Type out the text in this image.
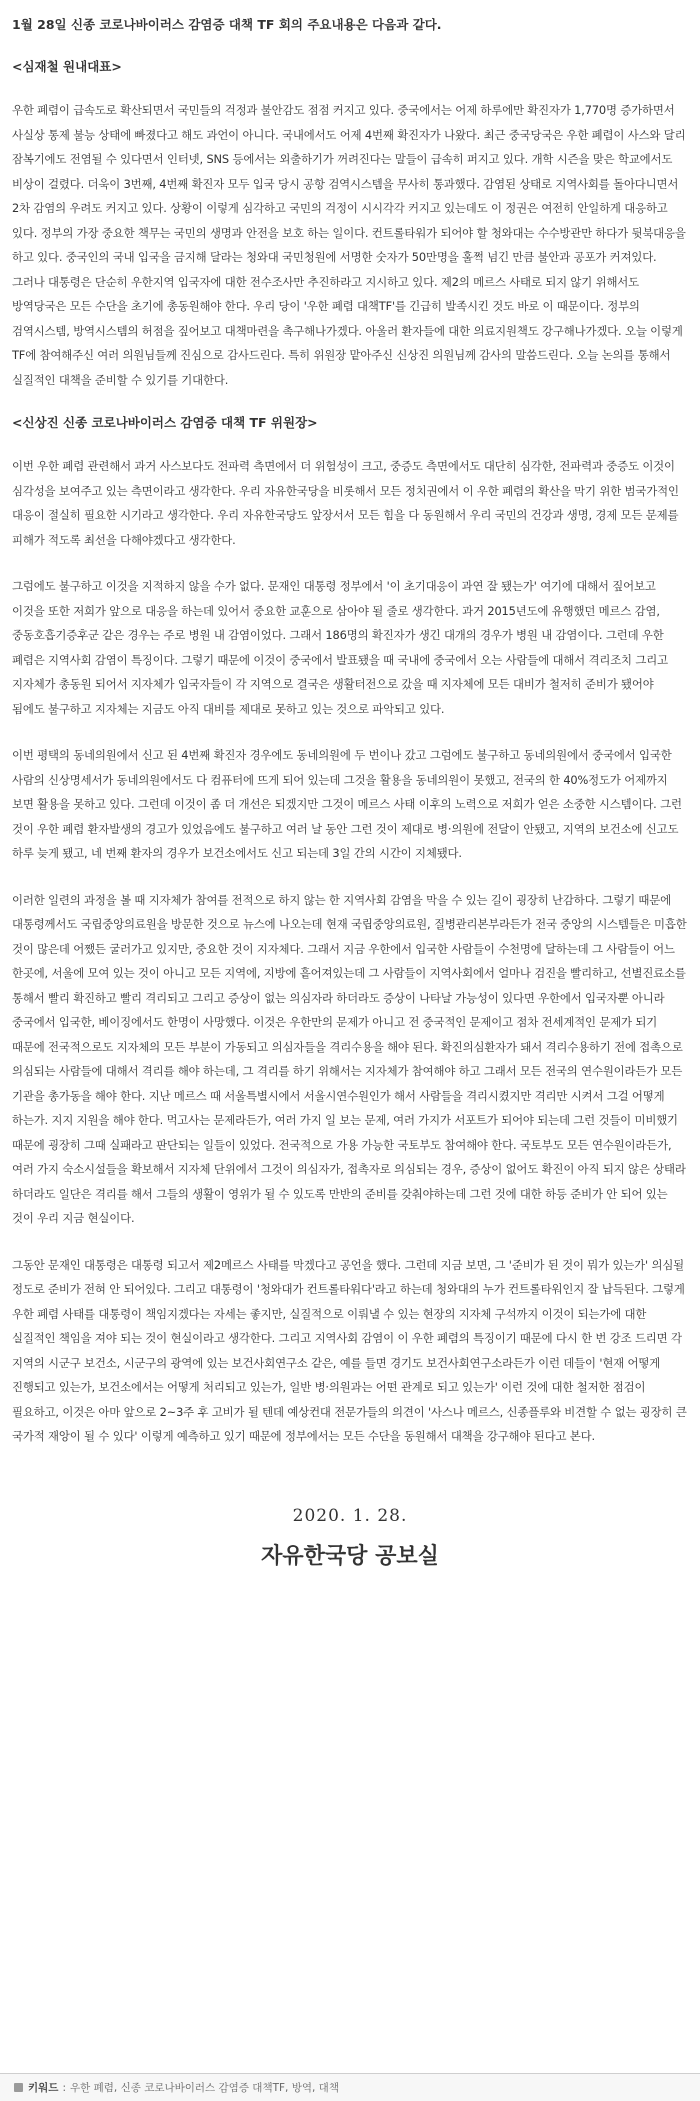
1월 28일 신종 코로나바이러스 감염증 대책 TF 회의 주요내용은 다음과 같다.

<심재철 원내대표>

우한 폐렴이 급속도로 확산되면서 국민들의 걱정과 불안감도 점점 커지고 있다. 중국에서는 어제 하루에만 확진자가 1,770명 증가하면서 사실상 통제 불능 상태에 빠졌다고 해도 과언이 아니다. 국내에서도 어제 4번째 확진자가 나왔다. 최근 중국당국은 우한 폐렴이 사스와 달리 잠복기에도 전염될 수 있다면서 인터넷, SNS 등에서는 외출하기가 꺼려진다는 말들이 급속히 퍼지고 있다. 개학 시즌을 맞은 학교에서도 비상이 걸렸다. 더욱이 3번째, 4번째 확진자 모두 입국 당시 공항 검역시스템을 무사히 통과했다. 감염된 상태로 지역사회를 돌아다니면서 2차 감염의 우려도 커지고 있다. 상황이 이렇게 심각하고 국민의 걱정이 시시각각 커지고 있는데도 이 정권은 여전히 안일하게 대응하고 있다. 정부의 가장 중요한 책무는 국민의 생명과 안전을 보호 하는 일이다. 컨트롤타워가 되어야 할 청와대는 수수방관만 하다가 뒷북대응을 하고 있다. 중국인의 국내 입국을 금지해 달라는 청와대 국민청원에 서명한 숫자가 50만명을 훌쩍 넘긴 만큼 불안과 공포가 커져있다. 그러나 대통령은 단순히 우한지역 입국자에 대한 전수조사만 추진하라고 지시하고 있다. 제2의 메르스 사태로 되지 않기 위해서도 방역당국은 모든 수단을 초기에 총동원해야 한다. 우리 당이 '우한 폐렴 대책TF'를 긴급히 발족시킨 것도 바로 이 때문이다. 정부의 검역시스템, 방역시스템의 허점을 짚어보고 대책마련을 촉구해나가겠다. 아울러 환자들에 대한 의료지원책도 강구해나가겠다. 오늘 이렇게 TF에 참여해주신 여러 의원님들께 진심으로 감사드린다. 특히 위원장 맡아주신 신상진 의원님께 감사의 말씀드린다. 오늘 논의를 통해서 실질적인 대책을 준비할 수 있기를 기대한다.

<신상진 신종 코로나바이러스 감염증 대책 TF 위원장>

이번 우한 폐렴 관련해서 과거 사스보다도 전파력 측면에서 더 위험성이 크고, 중증도 측면에서도 대단히 심각한, 전파력과 중증도 이것이 심각성을 보여주고 있는 측면이라고 생각한다. 우리 자유한국당을 비롯해서 모든 정치권에서 이 우한 폐렴의 확산을 막기 위한 범국가적인 대응이 절실히 필요한 시기라고 생각한다. 우리 자유한국당도 앞장서서 모든 힘을 다 동원해서 우리 국민의 건강과 생명, 경제 모든 문제를 피해가 적도록 최선을 다해야겠다고 생각한다.

그럼에도 불구하고 이것을 지적하지 않을 수가 없다. 문재인 대통령 정부에서 '이 초기대응이 과연 잘 됐는가' 여기에 대해서 짚어보고 이것을 또한 저희가 앞으로 대응을 하는데 있어서 중요한 교훈으로 삼아야 될 줄로 생각한다. 과거 2015년도에 유행했던 메르스 감염, 중동호흡기증후군 같은 경우는 주로 병원 내 감염이었다. 그래서 186명의 확진자가 생긴 대개의 경우가 병원 내 감염이다. 그런데 우한 폐렴은 지역사회 감염이 특징이다. 그렇기 때문에 이것이 중국에서 발표됐을 때 국내에 중국에서 오는 사람들에 대해서 격리조치 그리고 지자체가 총동원 되어서 지자체가 입국자들이 각 지역으로 결국은 생활터전으로 갔을 때 지자체에 모든 대비가 철저히 준비가 됐어야 됨에도 불구하고 지자체는 지금도 아직 대비를 제대로 못하고 있는 것으로 파악되고 있다.

이번 평택의 동네의원에서 신고 된 4번째 확진자 경우에도 동네의원에 두 번이나 갔고 그럼에도 불구하고 동네의원에서 중국에서 입국한 사람의 신상명세서가 동네의원에서도 다 컴퓨터에 뜨게 되어 있는데 그것을 활용을 동네의원이 못했고, 전국의 한 40%정도가 어제까지 보면 활용을 못하고 있다. 그런데 이것이 좀 더 개선은 되겠지만 그것이 메르스 사태 이후의 노력으로 저희가 얻은 소중한 시스템이다. 그런 것이 우한 폐렴 환자발생의 경고가 있었음에도 불구하고 여러 날 동안 그런 것이 제대로 병·의원에 전달이 안됐고, 지역의 보건소에 신고도 하루 늦게 됐고, 네 번째 환자의 경우가 보건소에서도 신고 되는데 3일 간의 시간이 지체됐다.

이러한 일련의 과정을 볼 때 지자체가 참여를 전적으로 하지 않는 한 지역사회 감염을 막을 수 있는 길이 굉장히 난감하다. 그렇기 때문에 대통령께서도 국립중앙의료원을 방문한 것으로 뉴스에 나오는데 현재 국립중앙의료원, 질병관리본부라든가 전국 중앙의 시스템들은 미흡한 것이 많은데 어쨌든 굴러가고 있지만, 중요한 것이 지자체다. 그래서 지금 우한에서 입국한 사람들이 수천명에 달하는데 그 사람들이 어느 한곳에, 서울에 모여 있는 것이 아니고 모든 지역에, 지방에 흩어져있는데 그 사람들이 지역사회에서 얼마나 검진을 빨리하고, 선별진료소를 통해서 빨리 확진하고 빨리 격리되고 그리고 증상이 없는 의심자라 하더라도 증상이 나타날 가능성이 있다면 우한에서 입국자뿐 아니라 중국에서 입국한, 베이징에서도 한명이 사망했다. 이것은 우한만의 문제가 아니고 전 중국적인 문제이고 점차 전세계적인 문제가 되기 때문에 전국적으로도 지자체의 모든 부분이 가동되고 의심자들을 격리수용을 해야 된다. 확진의심환자가 돼서 격리수용하기 전에 접촉으로 의심되는 사람들에 대해서 격리를 해야 하는데, 그 격리를 하기 위해서는 지자체가 참여해야 하고 그래서 모든 전국의 연수원이라든가 모든 기관을 총가동을 해야 한다. 지난 메르스 때 서울특별시에서 서울시연수원인가 해서 사람들을 격리시켰지만 격리만 시켜서 그걸 어떻게 하는가. 지지 지원을 해야 한다. 먹고사는 문제라든가, 여러 가지 일 보는 문제, 여러 가지가 서포트가 되어야 되는데 그런 것들이 미비했기 때문에 굉장히 그때 실패라고 판단되는 일들이 있었다. 전국적으로 가용 가능한 국토부도 참여해야 한다. 국토부도 모든 연수원이라든가, 여러 가지 숙소시설들을 확보해서 지자체 단위에서 그것이 의심자가, 접촉자로 의심되는 경우, 증상이 없어도 확진이 아직 되지 않은 상태라 하더라도 일단은 격리를 해서 그들의 생활이 영위가 될 수 있도록 만반의 준비를 갖춰야하는데 그런 것에 대한 하등 준비가 안 되어 있는 것이 우리 지금 현실이다.

그동안 문재인 대통령은 대통령 되고서 제2메르스 사태를 막겠다고 공언을 했다. 그런데 지금 보면, 그 '준비가 된 것이 뭐가 있는가' 의심될 정도로 준비가 전혀 안 되어있다. 그리고 대통령이 '청와대가 컨트롤타워다'라고 하는데 청와대의 누가 컨트롤타워인지 잘 납득된다. 그렇게 우한 폐렴 사태를 대통령이 책임지겠다는 자세는 좋지만, 실질적으로 이뤄낼 수 있는 현장의 지자체 구석까지 이것이 되는가에 대한 실질적인 책임을 져야 되는 것이 현실이라고 생각한다. 그리고 지역사회 감염이 이 우한 폐렴의 특징이기 때문에 다시 한 번 강조 드리면 각 지역의 시군구 보건소, 시군구의 광역에 있는 보건사회연구소 같은, 예를 들면 경기도 보건사회연구소라든가 이런 데들이 '현재 어떻게 진행되고 있는가, 보건소에서는 어떻게 처리되고 있는가, 일반 병·의원과는 어떤 관계로 되고 있는가' 이런 것에 대한 철저한 점검이 필요하고, 이것은 아마 앞으로 2~3주 후 고비가 될 텐데 예상컨대 전문가들의 의견이 '사스나 메르스, 신종플루와 비견할 수 없는 굉장히 큰 국가적 재앙이 될 수 있다' 이렇게 예측하고 있기 때문에 정부에서는 모든 수단을 동원해서 대책을 강구해야 된다고 본다.

2020. 1. 28.
자유한국당 공보실
키워드 : 우한 폐렴, 신종 코로나바이러스 감염증 대책TF, 방역, 대책
